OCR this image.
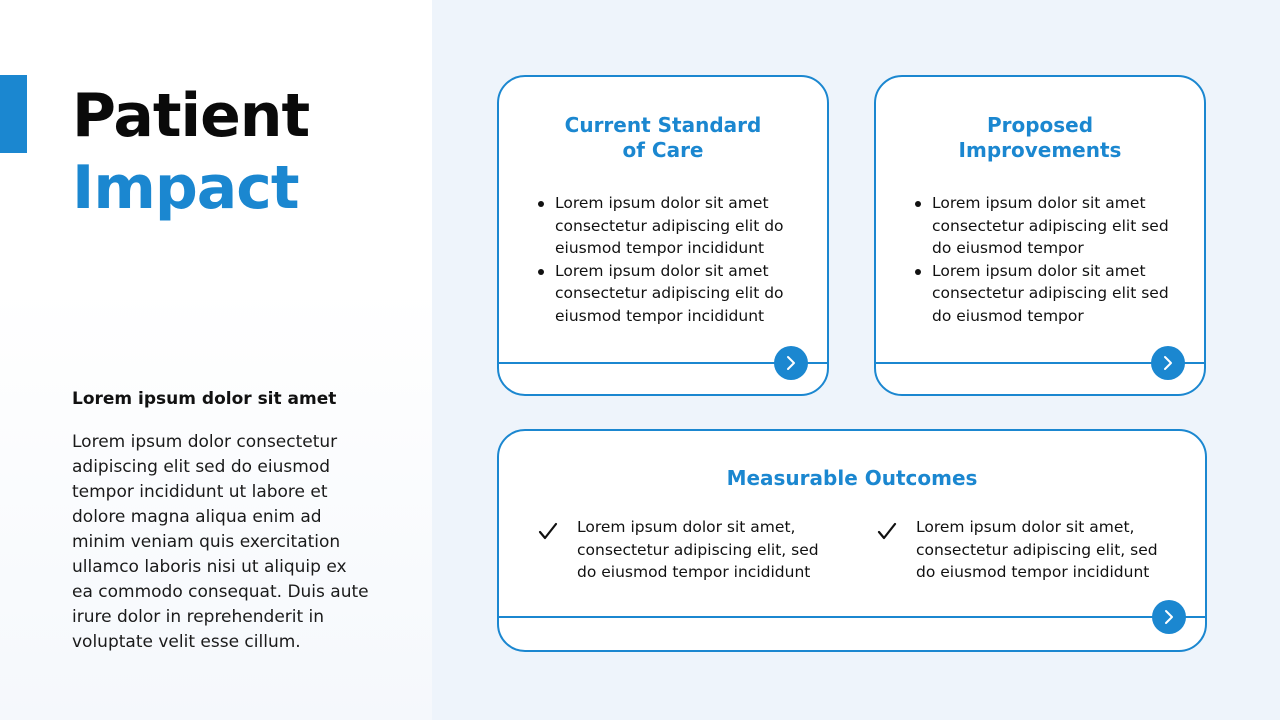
Patient
Impact
Lorem ipsum dolor sit amet
Lorem ipsum dolor consectetur adipiscing elit sed do eiusmod tempor incididunt ut labore et dolore magna aliqua enim ad minim veniam quis exercitation ullamco laboris nisi ut aliquip ex ea commodo consequat. Duis aute irure dolor in reprehenderit in voluptate velit esse cillum.
Current Standard
of Care
Lorem ipsum dolor sit amet consectetur adipiscing elit do eiusmod tempor incididunt
Lorem ipsum dolor sit amet consectetur adipiscing elit do eiusmod tempor incididunt
Proposed
Improvements
Lorem ipsum dolor sit amet consectetur adipiscing elit sed do eiusmod tempor
Lorem ipsum dolor sit amet consectetur adipiscing elit sed do eiusmod tempor
Measurable Outcomes
Lorem ipsum dolor sit amet, consectetur adipiscing elit, sed do eiusmod tempor incididunt
Lorem ipsum dolor sit amet, consectetur adipiscing elit, sed do eiusmod tempor incididunt
